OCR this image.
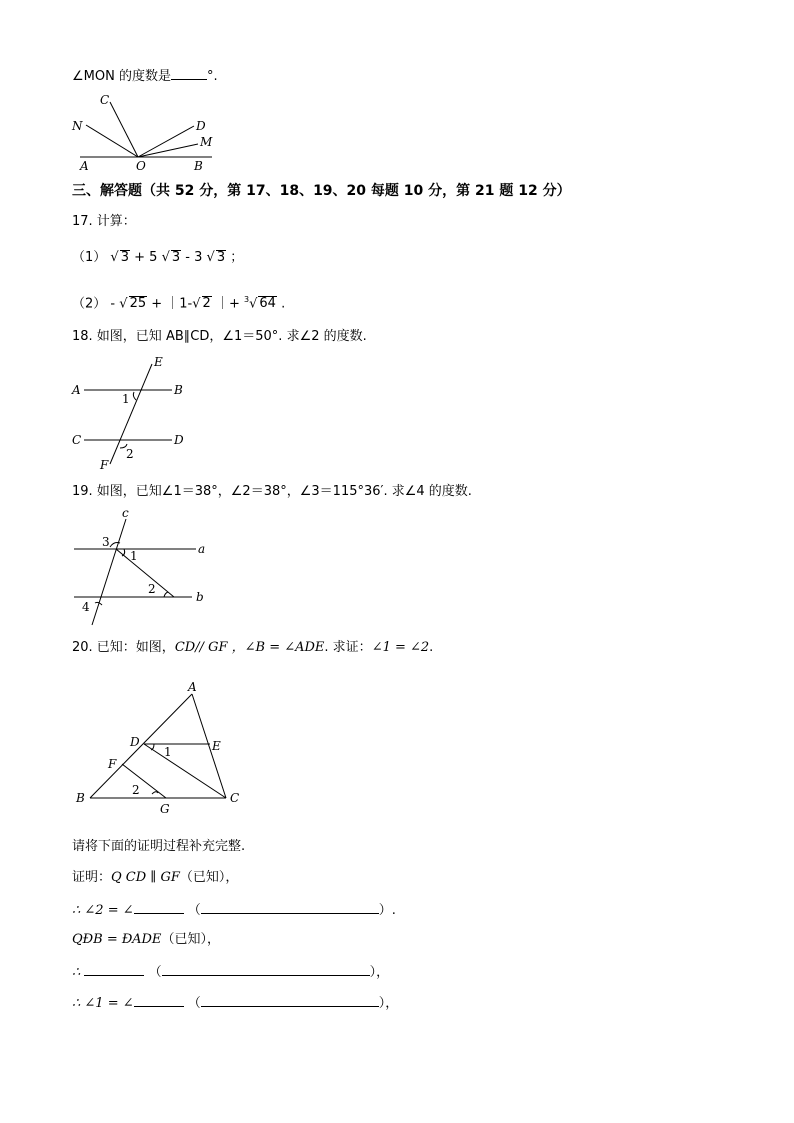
∠MON 的度数是	°.
C
N	D
M
A	O	B
三、解答题（共 52 分，第 17、18、19、20 每题 10 分，第 21 题 12 分）
17. 计算：
（1） √ 3 + 5 √ 3 - 3 √ 3 ；
（2） - √ 25 + ｜1-√ 2 ｜+ $^3$√ 64 .
18. 如图，已知 AB∥CD，∠1＝50°. 求∠2 的度数.
E
A	B
1
C	D
F
2
19. 如图，已知∠1＝38°，∠2＝38°，∠3＝115°36′. 求∠4 的度数.
c
3
1	a
2
b
4
20. 已知：如图，CD// GF ，∠B = ∠ADE. 求证：∠1 = ∠2.
A
D
1	E
F
B
2
G
C
请将下面的证明过程补充完整.
证明：Q CD ∥ GF（已知），
∴ ∠2 = ∠	（	）.
QÐB = ÐADE（已知），
∴	（	），
∴ ∠1 = ∠	（	），
